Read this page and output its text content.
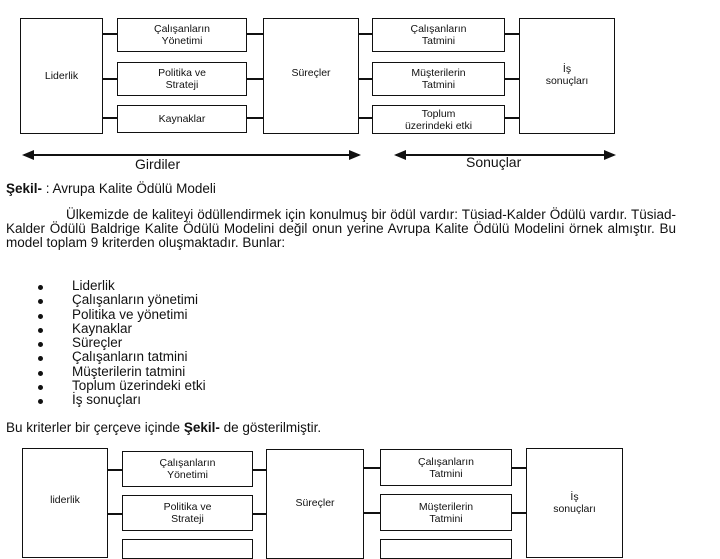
Liderlik
Çalışanların
Yönetimi
Politika ve
Strateji
Kaynaklar
Süreçler
Çalışanların
Tatmini
Müşterilerin
Tatmini
Toplum
üzerindeki etki
İş
sonuçları
Girdiler	Sonuçlar
Şekil- : Avrupa Kalite Ödülü Modeli
Ülkemizde de kaliteyi ödüllendirmek için konulmuş bir ödül vardır: Tüsiad-Kalder Ödülü vardır. Tüsiad-Kalder Ödülü Baldrige Kalite Ödülü Modelini değil onun yerine Avrupa Kalite Ödülü Modelini örnek almıştır. Bu model toplam 9 kriterden oluşmaktadır. Bunlar:
Liderlik
Çalışanların yönetimi
Politika ve yönetimi
Kaynaklar
Süreçler
Çalışanların tatmini
Müşterilerin tatmini
Toplum üzerindeki etki
İş sonuçları
Bu kriterler bir çerçeve içinde Şekil- de gösterilmiştir.
liderlik
Çalışanların
Yönetimi
Politika ve
Strateji
Süreçler
Çalışanların
Tatmini
Müşterilerin
Tatmini
İş
sonuçları
